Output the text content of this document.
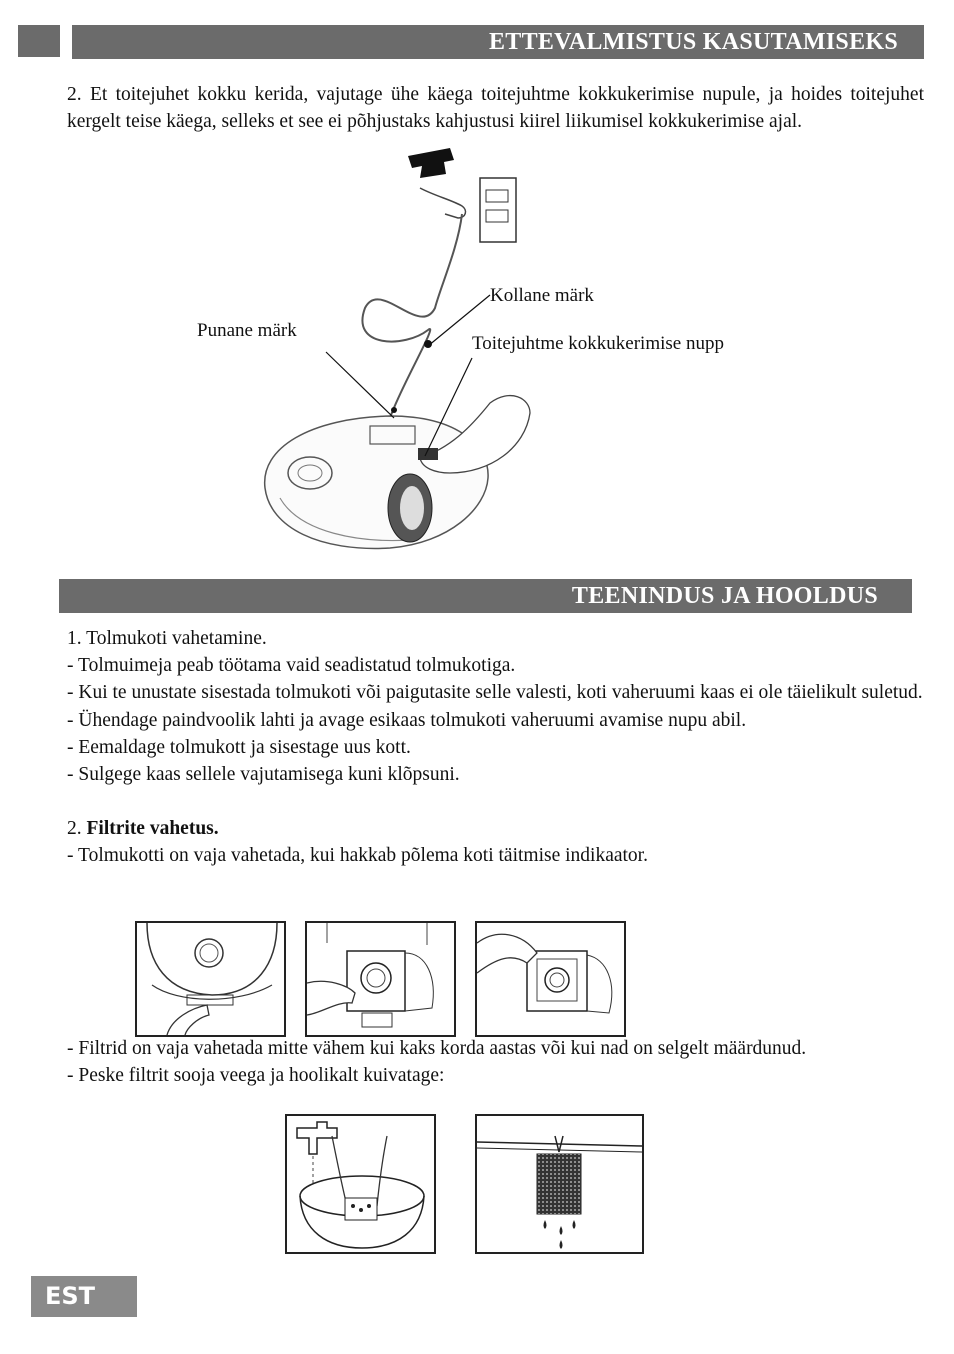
ETTEVALMISTUS KASUTAMISEKS
2. Et toitejuhet kokku kerida, vajutage ühe käega toitejuhtme kokkukerimise nupule, ja hoides toitejuhet kergelt teise käega, selleks et see ei põhjustaks kahjustusi kiirel liikumisel kokkukerimise ajal.
Kollane märk
Punane märk
Toitejuhtme kokkukerimise nupp
TEENINDUS JA HOOLDUS
1. Tolmukoti vahetamine.
- Tolmuimeja peab töötama vaid seadistatud tolmukotiga.
- Kui te unustate sisestada tolmukoti või paigutasite selle valesti, koti vaheruumi kaas ei ole täielikult suletud.
- Ühendage paindvoolik lahti ja avage esikaas tolmukoti vaheruumi avamise nupu abil.
- Eemaldage tolmukott ja sisestage uus kott.
- Sulgege kaas sellele vajutamisega kuni klõpsuni.
2. Filtrite vahetus.
- Tolmukotti on vaja vahetada, kui hakkab põlema koti täitmise indikaator.
- Filtrid on vaja vahetada mitte vähem kui kaks korda aastas või kui nad on selgelt määrdunud.
- Peske filtrit sooja veega ja hoolikalt kuivatage:
EST
